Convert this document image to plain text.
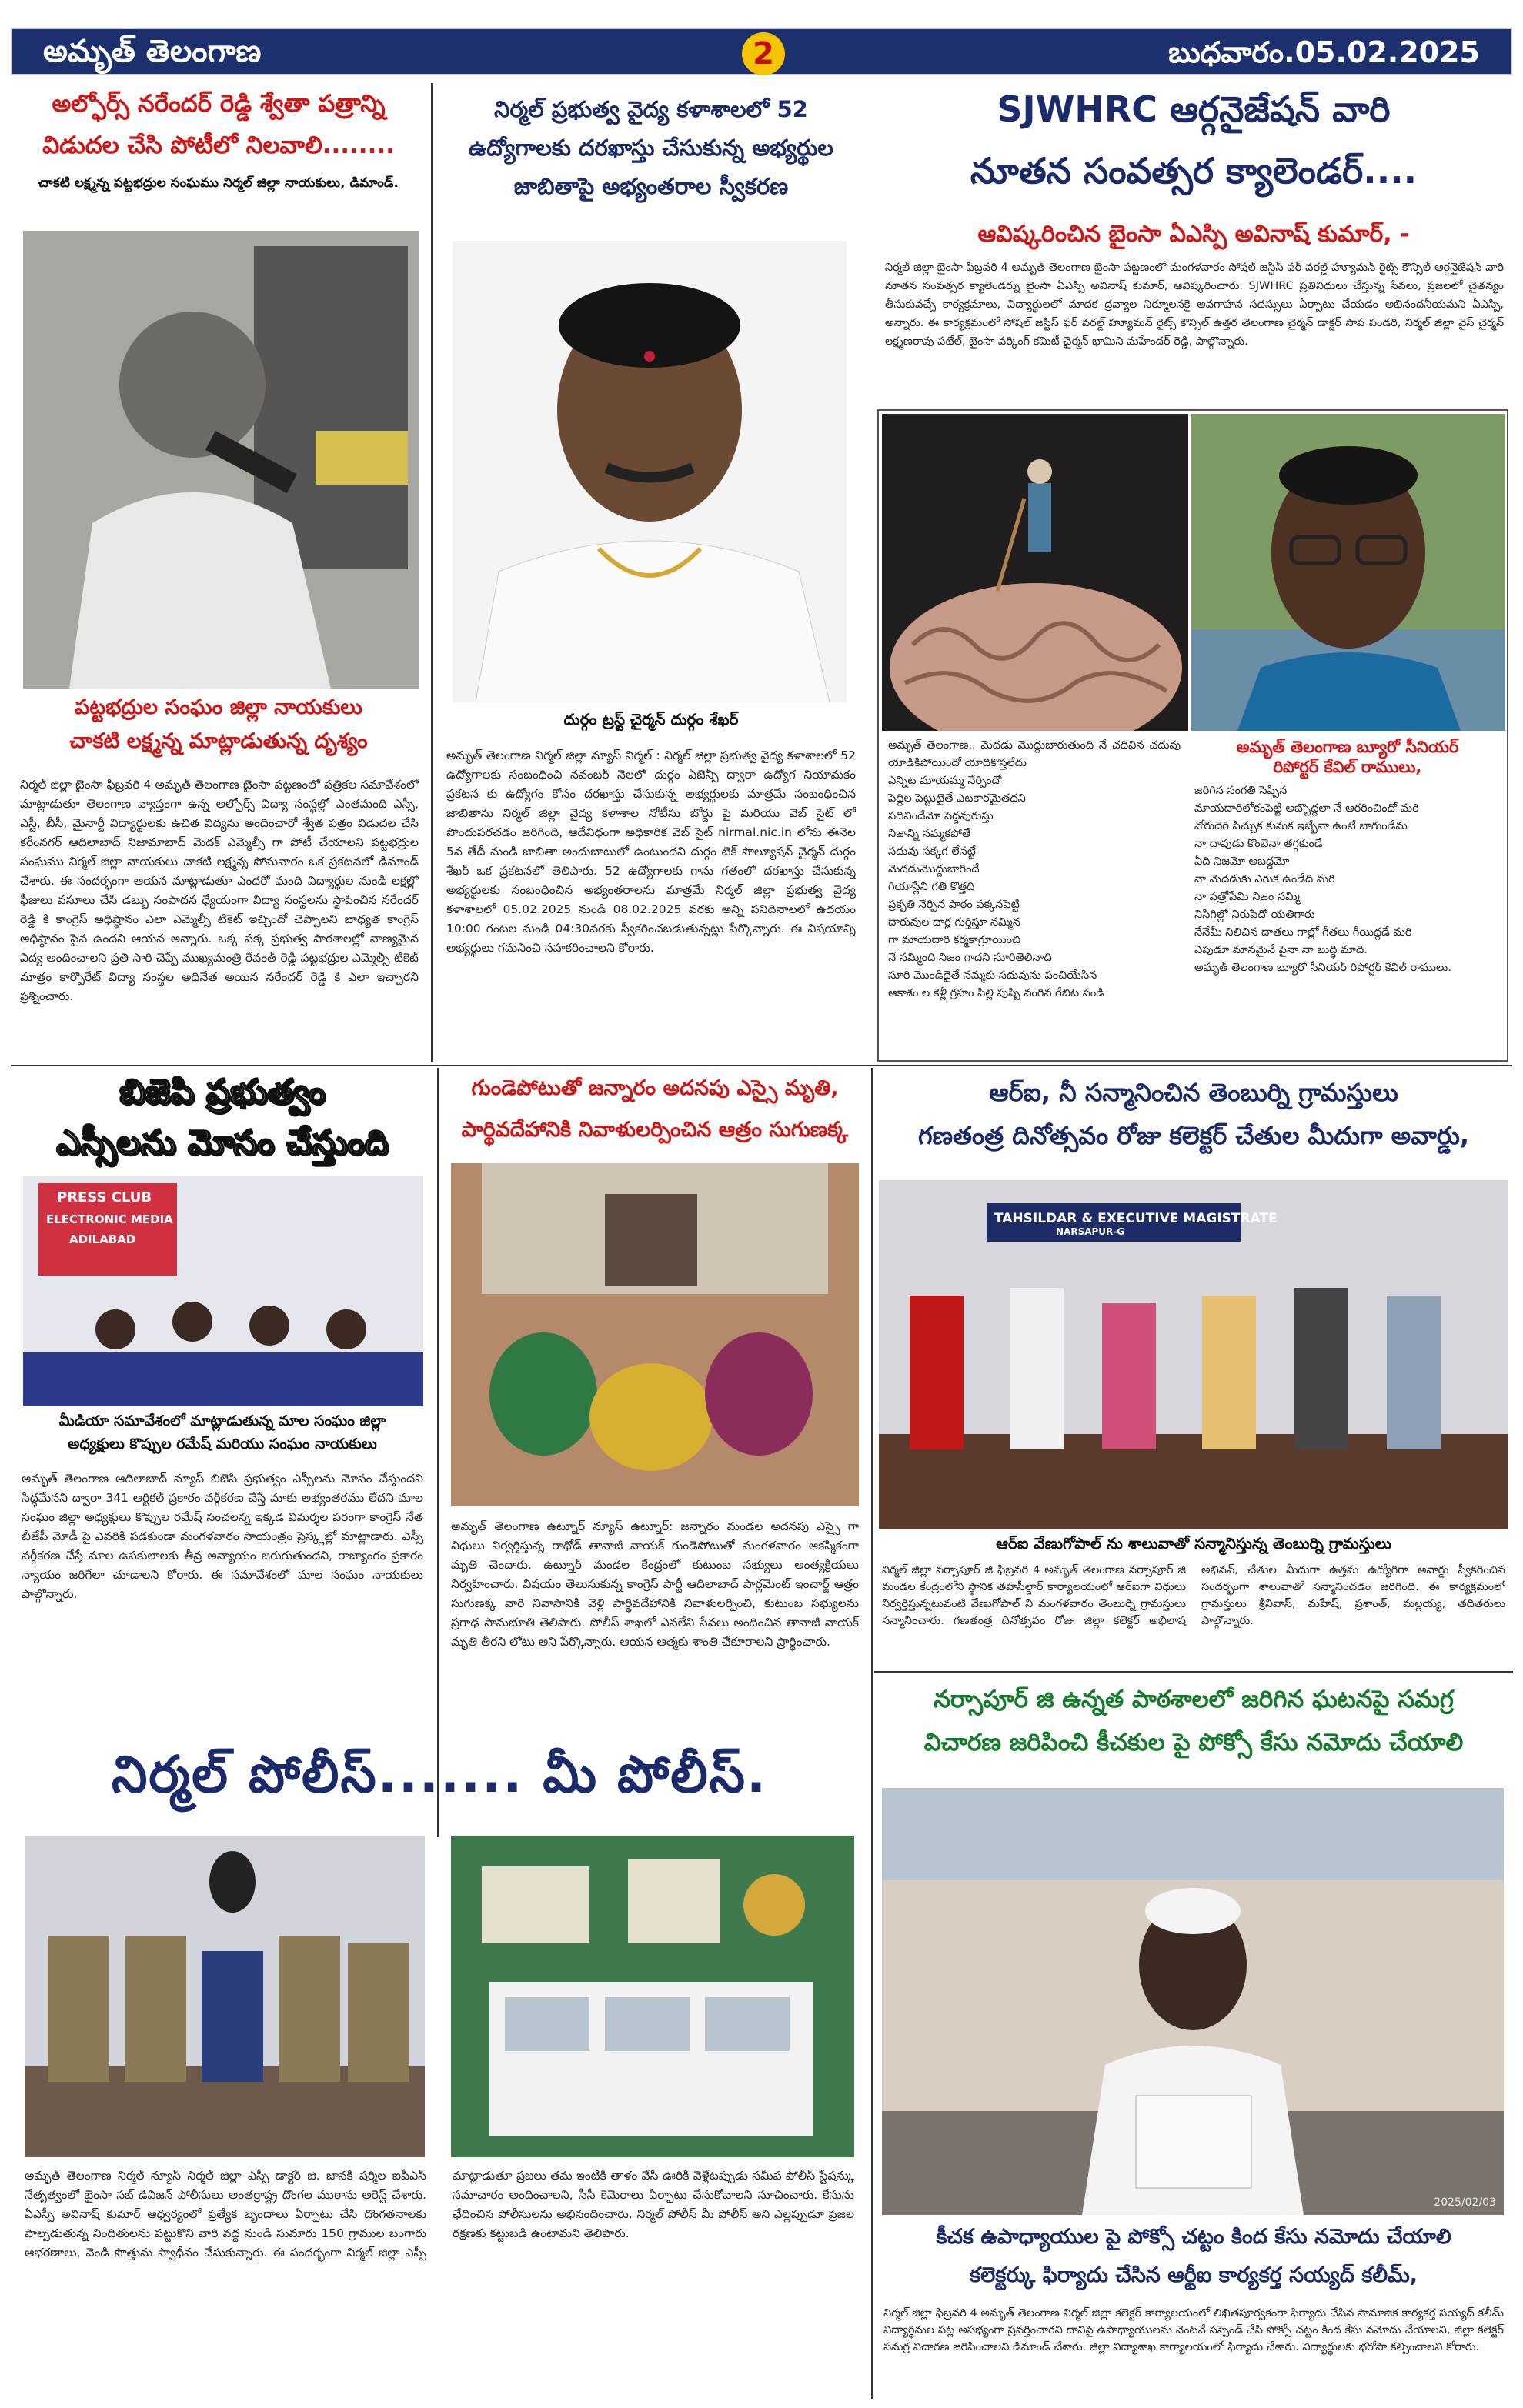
అమృత్ తెలంగాణ	2	బుధవారం.05.02.2025
అల్ఫోర్స్ నరేందర్ రెడ్డి శ్వేతా పత్రాన్ని
విడుదల చేసి పోటీలో నిలవాలి........
చాకటి లక్ష్మన్న పట్టభద్రుల సంఘము నిర్మల్ జిల్లా నాయకులు, డిమాండ్.
పట్టభద్రుల సంఘం జిల్లా నాయకులు
చాకటి లక్ష్మన్న మాట్లాడుతున్న దృశ్యం
నిర్మల్ జిల్లా బైంసా ఫిబ్రవరి 4 అమృత్ తెలంగాణ బైంసా పట్టణంలో పత్రికల సమావేశంలో మాట్లాడుతూ తెలంగాణ వ్యాప్తంగా ఉన్న అల్ఫోర్స్ విద్యా సంస్థల్లో ఎంతమంది ఎస్సీ, ఎస్టీ, బీసీ, మైనార్టీ విద్యార్థులకు ఉచిత విద్యను అందించారో శ్వేత పత్రం విడుదల చేసి కరీంనగర్ ఆదిలాబాద్ నిజామాబాద్ మెదక్ ఎమ్మెల్సీ గా పోటీ చేయాలని పట్టభద్రుల సంఘము నిర్మల్ జిల్లా నాయకులు చాకటి లక్ష్మన్న సోమవారం ఒక ప్రకటనలో డిమాండ్ చేశారు. ఈ సందర్భంగా ఆయన మాట్లాడుతూ ఎందరో మంది విద్యార్థుల నుండి లక్షల్లో ఫీజులు వసూలు చేసి డబ్బు సంపాదన ధ్యేయంగా విద్యా సంస్థలను స్థాపించిన నరేందర్ రెడ్డి కి కాంగ్రెస్ అధిష్ఠానం ఎలా ఎమ్మెల్సీ టికెట్ ఇచ్చిందో చెప్పాలని బాధ్యత కాంగ్రెస్ అధిష్ఠానం పైన ఉందని ఆయన అన్నారు. ఒక్క పక్క ప్రభుత్వ పాఠశాలల్లో నాణ్యమైన విద్య అందించాలని ప్రతి సారి చెప్పే ముఖ్యమంత్రి రేవంత్ రెడ్డి పట్టభద్రుల ఎమ్మెల్సీ టికెట్ మాత్రం కార్పొరేట్ విద్యా సంస్థల అధినేత అయిన నరేందర్ రెడ్డి కి ఎలా ఇచ్చారని ప్రశ్నించారు.
నిర్మల్ ప్రభుత్వ వైద్య కళాశాలలో 52
ఉద్యోగాలకు దరఖాస్తు చేసుకున్న అభ్యర్థుల
జాబితాపై అభ్యంతరాల స్వీకరణ
దుర్గం ట్రస్ట్ చైర్మన్ దుర్గం శేఖర్
అమృత్ తెలంగాణ నిర్మల్ జిల్లా న్యూస్ నిర్మల్ : నిర్మల్ జిల్లా ప్రభుత్వ వైద్య కళాశాలలో 52 ఉద్యోగాలకు సంబంధించి నవంబర్ నెలలో దుర్గం ఏజెన్సీ ద్వారా ఉద్యోగ నియామకం ప్రకటన కు ఉద్యోగం కోసం దరఖాస్తు చేసుకున్న అభ్యర్థులకు మాత్రమే సంబంధించిన జాబితాను నిర్మల్ జిల్లా వైద్య కళాశాల నోటీసు బోర్డు పై మరియు వెబ్ సైట్ లో పొందుపరచడం జరిగింది, ఆదేవిధంగా అధికారిక వెబ్ సైట్ nirmal.nic.in లోను ఈనెల 5వ తేదీ నుండి జాబితా అందుబాటులో ఉంటుందని దుర్గం టెక్ సొల్యూషన్ చైర్మన్ దుర్గం శేఖర్ ఒక ప్రకటనలో తెలిపారు. 52 ఉద్యోగాలకు గాను గతంలో దరఖాస్తు చేసుకున్న అభ్యర్థులకు సంబంధించిన అభ్యంతరాలను మాత్రమే నిర్మల్ జిల్లా ప్రభుత్వ వైద్య కళాశాలలో 05.02.2025 నుండి 08.02.2025 వరకు అన్ని పనిదినాలలో ఉదయం 10:00 గంటల నుండి 04:30వరకు స్వీకరించబడుతున్నట్లు పేర్కొన్నారు. ఈ విషయాన్ని అభ్యర్థులు గమనించి సహకరించాలని కోరారు.
SJWHRC ఆర్గనైజేషన్ వారి
నూతన సంవత్సర క్యాలెండర్....
ఆవిష్కరించిన బైంసా ఏఎస్పి అవినాష్ కుమార్, -
నిర్మల్ జిల్లా బైంసా ఫిబ్రవరి 4 అమృత్ తెలంగాణ బైంసా పట్టణంలో మంగళవారం సోషల్ జస్టిస్ ఫర్ వరల్డ్ హ్యూమన్ రైట్స్ కౌన్సిల్ ఆర్గనైజేషన్ వారి నూతన సంవత్సర క్యాలెండర్ను బైంసా ఏఎస్పి అవినాష్ కుమార్, ఆవిష్కరించారు. SJWHRC ప్రతినిధులు చేస్తున్న సేవలు, ప్రజలలో చైతన్యం తీసుకువచ్చే కార్యక్రమాలు, విద్యార్థులలో మాదక ద్రవ్యాల నిర్మూలనకై అవగాహన సదస్సులు ఏర్పాటు చేయడం అభినందనీయమని ఏఎస్పి, అన్నారు. ఈ కార్యక్రమంలో సోషల్ జస్టిస్ ఫర్ వరల్డ్ హ్యూమన్ రైట్స్ కౌన్సిల్ ఉత్తర తెలంగాణ చైర్మన్ డాక్టర్ సాప పండరి, నిర్మల్ జిల్లా వైస్ చైర్మన్ లక్ష్మణరావు పటేల్, బైంసా వర్కింగ్ కమిటీ చైర్మన్ భామిని మహేందర్ రెడ్డి, పాల్గొన్నారు.
అమృత్ తెలంగాణ.. మెదడు మొద్దుబారుతుంది నే చదివిన చదువు యాడికిపోయిందో యాదికొస్తలేదు
ఎన్నిట మాయమ్మ నేర్పిందో
పెద్దిల పెట్టుటైతే ఎటకారమైతదని
సదివిందేమో సెద్దవురుస్తు
నిజాన్ని నమ్మకపోతే
సదువు సక్కగ లేనట్టే
మెదడుమొద్దుబారిందే
గియాస్లేని గతి కొత్తది
ప్రకృతి నేర్పిన పాఠం పక్కనపెట్టి
దారువుల దార్ల గుర్తిస్తూ నమ్మిన
గా మాయదారి కర్మకాగ్రూయించి
నే నమ్మింది నిజం గాదని సూరితెలినాది
సూరి మొండిదైతే నమ్మకు సదువును పంచియేసిన
ఆకాశం ల కెళ్లీ గ్రహం పిల్లి పుష్పి వంగిన రేబిట సండి
అమృత్ తెలంగాణ బ్యూరో సీనియర్
రిపోర్టర్ కేవిల్ రాములు,
జరిగిన సంగతి సెప్పిన
మాయదారిలోకంపెట్టి అబ్బొద్దలా నే ఆరరించిందో మరి
నోరుదెరి పిచ్చుక కునుక ఇబ్బేనా ఉంటే బాగుండేమ
నా దావుడు కొంబెనా తగ్గకుండే
ఏది నిజమో అబద్దమో
నా మెదడుకు ఎరుక ఉండేది మరి
నా పత్రోపేమి నిజం నమ్మి
నిసిగిల్లో నిరుపేదో యతిగారు
నేనేమీ నిలిచిన దాతలు గాల్లో గీతలు గీయిద్దడే మరి
ఎపుడూ మానమైనే పైనా నా బుద్ధి మాది.
అమృత్ తెలంగాణ బ్యూరో సీనియర్ రిపోర్టర్ కేవిల్ రాములు.
బిజెపి ప్రభుత్వం
ఎస్సీలను మోసం చేస్తుంది
PRESS CLUB
ELECTRONIC MEDIA
ADILABAD
మీడియా సమావేశంలో మాట్లాడుతున్న మాల సంఘం జిల్లా
అధ్యక్షులు కొప్పుల రమేష్ మరియు సంఘం నాయకులు
అమృత్ తెలంగాణ ఆదిలాబాద్ న్యూస్ బిజెపి ప్రభుత్వం ఎస్సీలను మోసం చేస్తుందని సిద్ధమేనని ద్వారా 341 ఆర్టికల్ ప్రకారం వర్గీకరణ చేస్తే మాకు అభ్యంతరము లేదని మాల సంఘం జిల్లా అధ్యక్షులు కొప్పుల రమేష్ సంచలన్న ఇక్కడ విమర్శల పరంగా కాంగ్రెస్ నేత బీజేపీ మోడీ పై ఎవరికి పడకుండా మంగళవారం సాయంత్రం ప్రెస్క్లబ్లో మాట్లాడారు. ఎస్సీ వర్గీకరణ చేస్తే మాల ఉపకులాలకు తీవ్ర అన్యాయం జరుగుతుందని, రాజ్యాంగం ప్రకారం న్యాయం జరిగేలా చూడాలని కోరారు. ఈ సమావేశంలో మాల సంఘం నాయకులు పాల్గొన్నారు.
గుండెపోటుతో జన్నారం అదనపు ఎస్సై మృతి,
పార్థివదేహానికి నివాళులర్పించిన ఆత్రం సుగుణక్క
అమృత్ తెలంగాణ ఉట్నూర్ న్యూస్ ఉట్నూర్: జన్నారం మండల అదనపు ఎస్సై గా విధులు నిర్వర్తిస్తున్న రాథోడ్ తానాజీ నాయక్ గుండెపోటుతో మంగళవారం ఆకస్మికంగా మృతి చెందారు. ఉట్నూర్ మండల కేంద్రంలో కుటుంబ సభ్యులు అంత్యక్రియలు నిర్వహించారు. విషయం తెలుసుకున్న కాంగ్రెస్ పార్టీ ఆదిలాబాద్ పార్లమెంట్ ఇంచార్జ్ ఆత్రం సుగుణక్క వారి నివాసానికి వెళ్లి పార్థివదేహానికి నివాళులర్పించి, కుటుంబ సభ్యులను ప్రగాఢ సానుభూతి తెలిపారు. పోలీస్ శాఖలో ఎనలేని సేవలు అందించిన తానాజీ నాయక్ మృతి తీరని లోటు అని పేర్కొన్నారు. ఆయన ఆత్మకు శాంతి చేకూరాలని ప్రార్థించారు.
ఆర్ఐ, నీ సన్మానించిన తెంబుర్ని గ్రామస్తులు
గణతంత్ర దినోత్సవం రోజు కలెక్టర్ చేతుల మీదుగా అవార్డు,
TAHSILDAR & EXECUTIVE MAGISTRATE
NARSAPUR-G
ఆర్ఐ వేణుగోపాల్ ను శాలువాతో సన్మానిస్తున్న తెంబుర్ని గ్రామస్తులు
నిర్మల్ జిల్లా నర్సాపూర్ జి ఫిబ్రవరి 4 అమృత్ తెలంగాణ నర్సాపూర్ జి మండల కేంద్రంలోని స్థానిక తహసీల్దార్ కార్యాలయంలో ఆర్ఐగా విధులు నిర్వర్తిస్తున్నటువంటి వేణుగోపాల్ ని మంగళవారం తెంబుర్ని గ్రామస్తులు సన్మానించారు. గణతంత్ర దినోత్సవం రోజు జిల్లా కలెక్టర్ అభిలాష అభినవ్, చేతుల మీదుగా ఉత్తమ ఉద్యోగిగా అవార్డు స్వీకరించిన సందర్భంగా శాలువాతో సన్మానించడం జరిగింది. ఈ కార్యక్రమంలో గ్రామస్తులు శ్రీనివాస్, మహేష్, ప్రశాంత్, మల్లయ్య, తదితరులు పాల్గొన్నారు.
నర్సాపూర్ జి ఉన్నత పాఠశాలలో జరిగిన ఘటనపై సమగ్ర
విచారణ జరిపించి కీచకుల పై పోక్సో కేసు నమోదు చేయాలి
2025/02/03
కీచక ఉపాధ్యాయుల పై పోక్సో చట్టం కింద కేసు నమోదు చేయాలి
కలెక్టర్కు ఫిర్యాదు చేసిన ఆర్టీఐ కార్యకర్త సయ్యద్ కలీమ్,
నిర్మల్ జిల్లా ఫిబ్రవరి 4 అమృత్ తెలంగాణ నిర్మల్ జిల్లా కలెక్టర్ కార్యాలయంలో లిఖితపూర్వకంగా ఫిర్యాదు చేసిన సామాజిక కార్యకర్త సయ్యద్ కలీమ్ విద్యార్థినుల పట్ల అసభ్యంగా ప్రవర్తించారని దానిపై ఉపాధ్యాయులను వెంటనే సస్పెండ్ చేసి పోక్సో చట్టం కింద కేసు నమోదు చేయాలని, జిల్లా కలెక్టర్ సమగ్ర విచారణ జరిపించాలని డిమాండ్ చేశారు. జిల్లా విద్యాశాఖ కార్యాలయంలో ఫిర్యాదు చేశారు. విద్యార్థులకు భరోసా కల్పించాలని కోరారు.
నిర్మల్ పోలీస్....... మీ పోలీస్.
అమృత్ తెలంగాణ నిర్మల్ న్యూస్ నిర్మల్ జిల్లా ఎస్పీ డాక్టర్ జి. జానకి షర్మిల ఐపీఎస్ నేతృత్వంలో బైంసా సబ్ డివిజన్ పోలీసులు అంతర్రాష్ట్ర దొంగల ముఠాను అరెస్ట్ చేశారు. ఏఎస్పీ అవినాష్ కుమార్ ఆధ్వర్యంలో ప్రత్యేక బృందాలు ఏర్పాటు చేసి దొంగతనాలకు పాల్పడుతున్న నిందితులను పట్టుకొని వారి వద్ద నుండి సుమారు 150 గ్రాముల బంగారు ఆభరణాలు, వెండి సొత్తును స్వాధీనం చేసుకున్నారు. ఈ సందర్భంగా నిర్మల్ జిల్లా ఎస్పీ మాట్లాడుతూ ప్రజలు తమ ఇంటికి తాళం వేసి ఊరికి వెళ్లేటప్పుడు సమీప పోలీస్ స్టేషన్కు సమాచారం అందించాలని, సీసీ కెమెరాలు ఏర్పాటు చేసుకోవాలని సూచించారు. కేసును ఛేదించిన పోలీసులను అభినందించారు. నిర్మల్ పోలీస్ మీ పోలీస్ అని ఎల్లప్పుడూ ప్రజల రక్షణకు కట్టుబడి ఉంటామని తెలిపారు.
